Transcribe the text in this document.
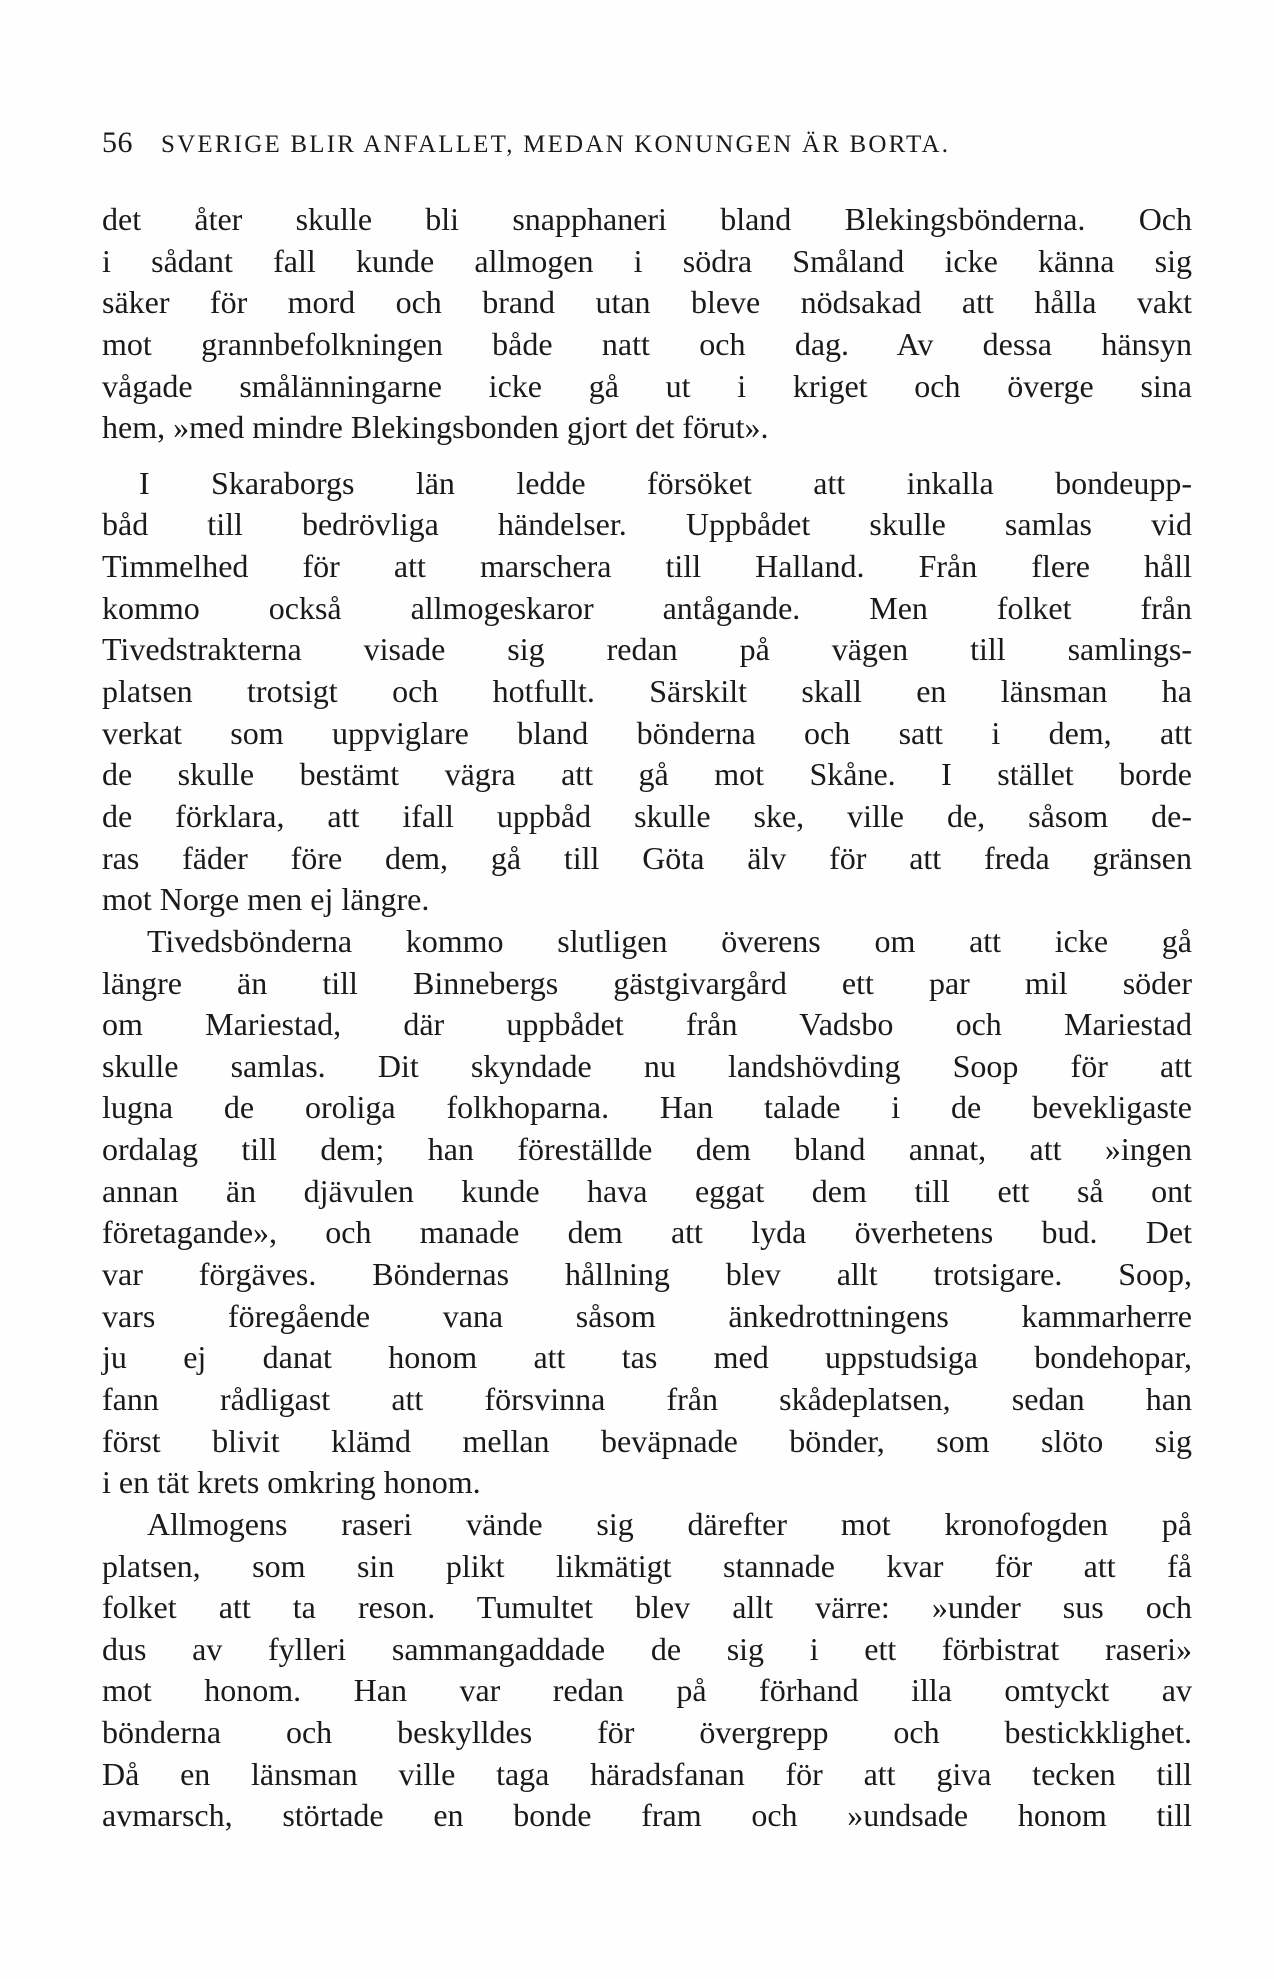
56 SVERIGE BLIR ANFALLET, MEDAN KONUNGEN ÄR BORTA.
det åter skulle bli snapphaneri bland Blekingsbönderna. Och
i sådant fall kunde allmogen i södra Småland icke känna sig
säker för mord och brand utan bleve nödsakad att hålla vakt
mot grannbefolkningen både natt och dag. Av dessa hänsyn
vågade smålänningarne icke gå ut i kriget och överge sina
hem, »med mindre Blekingsbonden gjort det förut».
I Skaraborgs län ledde försöket att inkalla bondeupp-
båd till bedrövliga händelser. Uppbådet skulle samlas vid
Timmelhed för att marschera till Halland. Från flere håll
kommo också allmogeskaror antågande. Men folket från
Tivedstrakterna visade sig redan på vägen till samlings-
platsen trotsigt och hotfullt. Särskilt skall en länsman ha
verkat som uppviglare bland bönderna och satt i dem, att
de skulle bestämt vägra att gå mot Skåne. I stället borde
de förklara, att ifall uppbåd skulle ske, ville de, såsom de-
ras fäder före dem, gå till Göta älv för att freda gränsen
mot Norge men ej längre.
Tivedsbönderna kommo slutligen överens om att icke gå
längre än till Binnebergs gästgivargård ett par mil söder
om Mariestad, där uppbådet från Vadsbo och Mariestad
skulle samlas. Dit skyndade nu landshövding Soop för att
lugna de oroliga folkhoparna. Han talade i de bevekligaste
ordalag till dem; han föreställde dem bland annat, att »ingen
annan än djävulen kunde hava eggat dem till ett så ont
företagande», och manade dem att lyda överhetens bud. Det
var förgäves. Böndernas hållning blev allt trotsigare. Soop,
vars föregående vana såsom änkedrottningens kammarherre
ju ej danat honom att tas med uppstudsiga bondehopar,
fann rådligast att försvinna från skådeplatsen, sedan han
först blivit klämd mellan beväpnade bönder, som slöto sig
i en tät krets omkring honom.
Allmogens raseri vände sig därefter mot kronofogden på
platsen, som sin plikt likmätigt stannade kvar för att få
folket att ta reson. Tumultet blev allt värre: »under sus och
dus av fylleri sammangaddade de sig i ett förbistrat raseri»
mot honom. Han var redan på förhand illa omtyckt av
bönderna och beskylldes för övergrepp och bestickklighet.
Då en länsman ville taga häradsfanan för att giva tecken till
avmarsch, störtade en bonde fram och »undsade honom till
